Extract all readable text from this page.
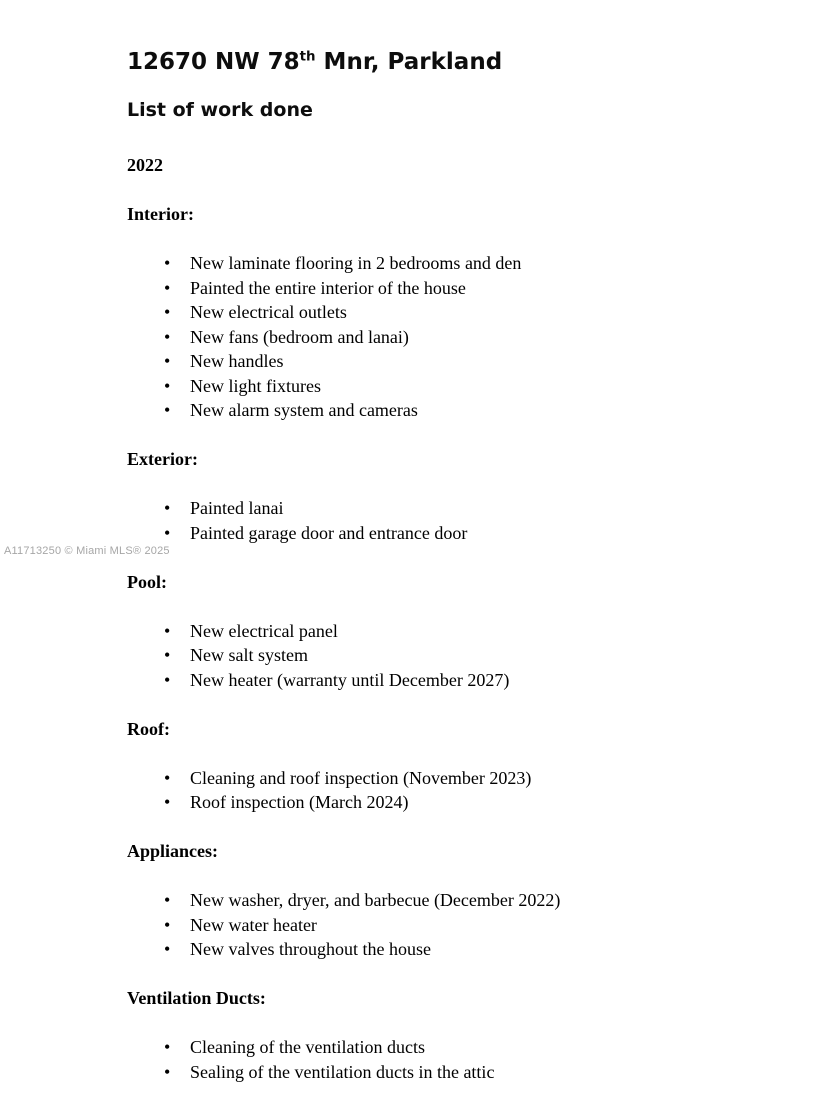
A11713250 © Miami MLS® 2025
12670 NW 78th Mnr, Parkland
List of work done
2022
Interior:
• New laminate flooring in 2 bedrooms and den
• Painted the entire interior of the house
• New electrical outlets
• New fans (bedroom and lanai)
• New handles
• New light fixtures
• New alarm system and cameras
Exterior:
• Painted lanai
• Painted garage door and entrance door
Pool:
• New electrical panel
• New salt system
• New heater (warranty until December 2027)
Roof:
• Cleaning and roof inspection (November 2023)
• Roof inspection (March 2024)
Appliances:
• New washer, dryer, and barbecue (December 2022)
• New water heater
• New valves throughout the house
Ventilation Ducts:
• Cleaning of the ventilation ducts
• Sealing of the ventilation ducts in the attic
